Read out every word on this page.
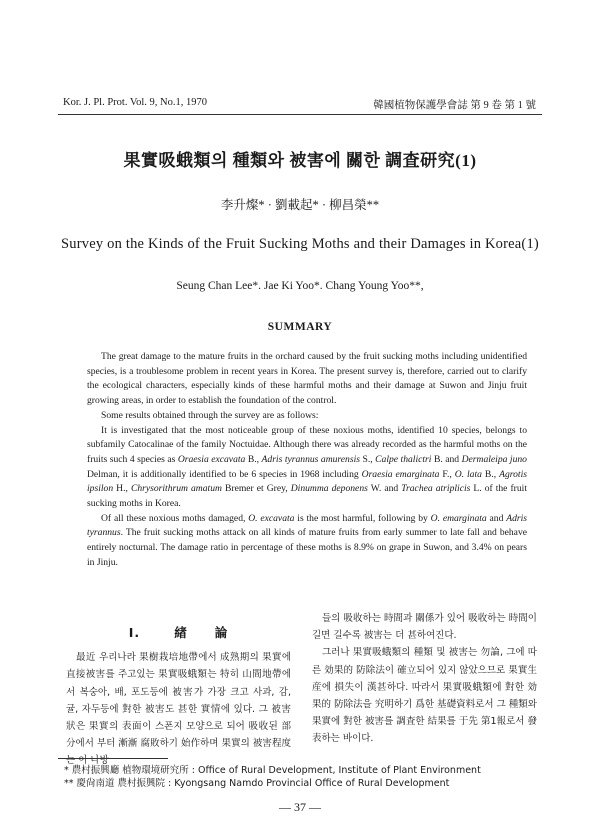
Kor. J. Pl. Prot. Vol. 9, No.1, 1970	韓國植物保護學會誌 第 9 卷 第 1 號
果實吸蛾類의 種類와 被害에 關한 調査研究(1)
李升燦* · 劉載起* · 柳昌榮**
Survey on the Kinds of the Fruit Sucking Moths and their Damages in Korea(1)
Seung Chan Lee*. Jae Ki Yoo*. Chang Young Yoo**,
SUMMARY

The great damage to the mature fruits in the orchard caused by the fruit sucking moths including unidentified species, is a troublesome problem in recent years in Korea. The present survey is, therefore, carried out to clarify the ecological characters, especially kinds of these harmful moths and their damage at Suwon and Jinju fruit growing areas, in order to establish the foundation of the control.

Some results obtained through the survey are as follows:

It is investigated that the most noticeable group of these noxious moths, identified 10 species, belongs to subfamily Catocalinae of the family Noctuidae. Although there was already recorded as the harmful moths on the fruits such 4 species as Oraesia excavata B., Adris tyrannus amurensis S., Calpe thalictri B. and Dermaleipa juno Delman, it is additionally identified to be 6 species in 1968 including Oraesia emarginata F., O. lata B., Agrotis ipsilon H., Chrysorithrum amatum Bremer et Grey, Dinumma deponens W. and Trachea atriplicis L. of the fruit sucking moths in Korea.

Of all these noxious moths damaged, O. excavata is the most harmful, following by O. emarginata and Adris tyrannus. The fruit sucking moths attack on all kinds of mature fruits from early summer to late fall and behave entirely nocturnal. The damage ratio in percentage of these moths is 8.9% on grape in Suwon, and 3.4% on pears in Jinju.

I.	緖　　論

最近 우리나라 果樹栽培地帶에서 成熟期의 果實에 直接被害를 주고있는 果實吸蛾類는 特히 山間地帶에서 복숭아, 배, 포도등에 被害가 가장 크고 사과, 감, 귤, 자두등에 對한 被害도 甚한 實情에 있다. 그 被害狀은 果實의 表面이 스폰지 모양으로 되어 吸收된 部分에서 부터 漸漸 腐敗하기 始作하며 果實의 被害程度는 이 나방

들의 吸收하는 時間과 關係가 있어 吸收하는 時間이 길면 길수록 被害는 더 甚하여진다.

그러나 果實吸蛾類의 種類 및 被害는 勿論, 그에 따른 効果的 防除法이 確立되어 있지 않았으므로 果實生産에 損失이 漢甚하다. 따라서 果實吸蛾類에 對한 効果的 防除法을 究明하기 爲한 基礎資料로서 그 種類와 果實에 對한 被害를 調査한 結果를 于先 第1報로서 發表하는 바이다.

* 農村振興廳 植物環境研究所 : Office of Rural Development, Institute of Plant Environment
** 慶尙南道 農村振興院 : Kyongsang Namdo Provincial Office of Rural Development
— 37 —
